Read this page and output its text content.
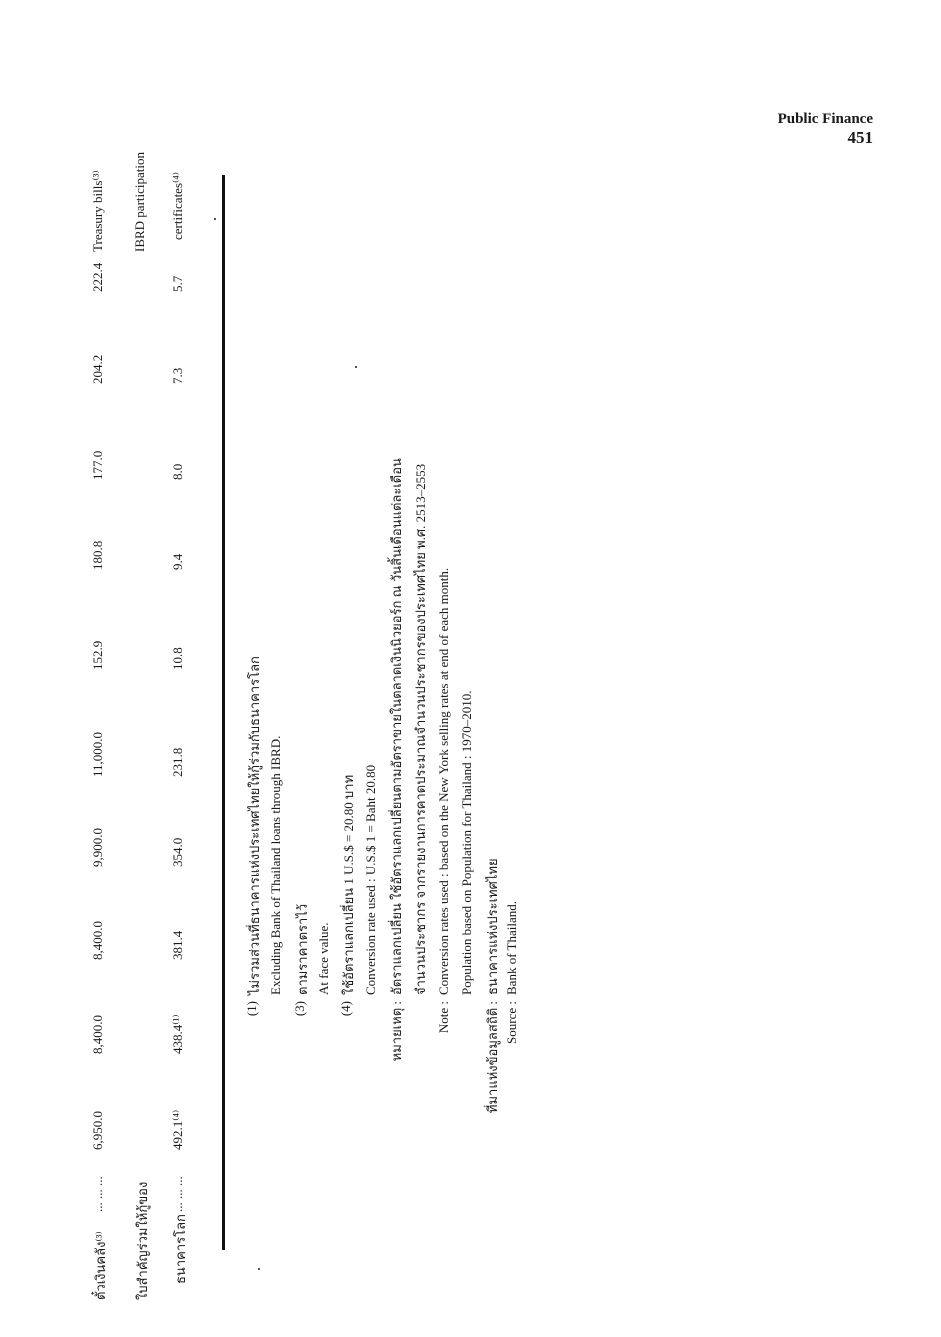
Public Finance
451
ตั๋วเงินคลัง⁽³⁾
... ... ...
6,950.0
8,400.0
8,400.0
9,900.0
11,000.0
152.9
180.8
177.0
204.2
222.4
Treasury bills⁽³⁾
ใบสำคัญร่วมให้กู้ของ
IBRD participation
ธนาคารโลก
... ... ...
492.1⁽⁴⁾
438.4⁽¹⁾
381.4
354.0
231.8
10.8
9.4
8.0
7.3
5.7
certificates⁽⁴⁾
(1)
ไม่รวมส่วนที่ธนาคารแห่งประเทศไทยให้กู้ร่วมกับธนาคารโลก Excluding Bank of Thailand loans through IBRD.
(3)
ตามราคาตราไว้ At face value.
(4)
ใช้อัตราแลกเปลี่ยน 1 U.S.$ = 20.80 บาท Conversion rate used : U.S.$ 1 = Baht 20.80
หมายเหตุ :
อัตราแลกเปลี่ยน ใช้อัตราแลกเปลี่ยนตามอัตราขายในตลาดเงินนิวยอร์ก ณ วันสิ้นเดือนแต่ละเดือน จำนวนประชากร จากรายงานการคาดประมาณจำนวนประชากรของประเทศไทย พ.ศ. 2513–2553
Note :
Conversion rates used : based on the New York selling rates at end of each month. Population based on Population for Thailand : 1970–2010.
ที่มาแห่งข้อมูลสถิติ :
ธนาคารแห่งประเทศไทย
Source :
Bank of Thailand.
